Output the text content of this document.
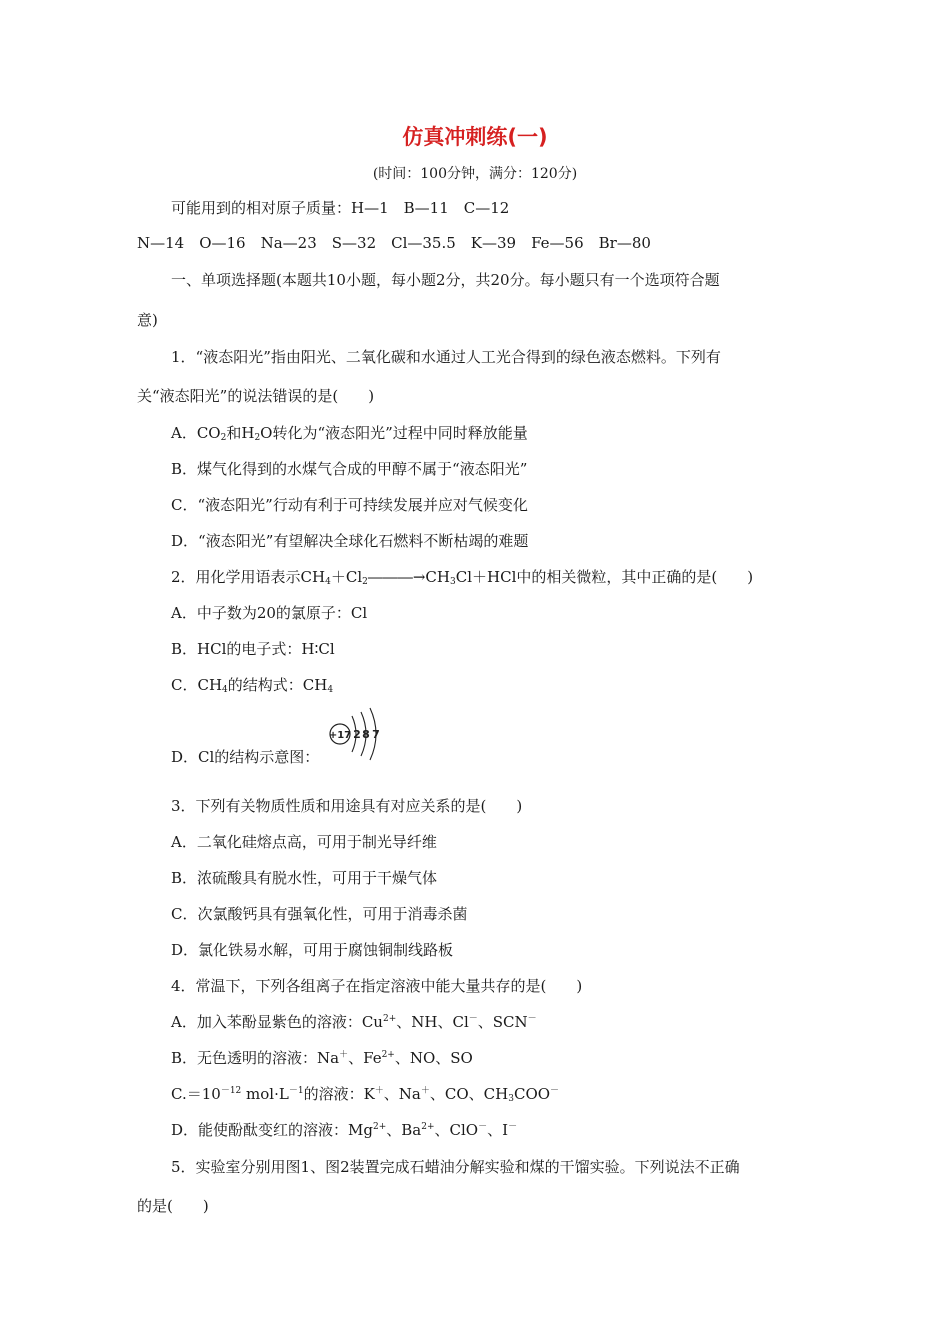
仿真冲刺练(一)
(时间：100分钟，满分：120分)
可能用到的相对原子质量：H—1　B—11　C—12
N—14　O—16　Na—23　S—32　Cl—35.5　K—39　Fe—56　Br—80
一、单项选择题(本题共10小题，每小题2分，共20分。每小题只有一个选项符合题
意)
1．“液态阳光”指由阳光、二氧化碳和水通过人工光合得到的绿色液态燃料。下列有
关“液态阳光”的说法错误的是(　　)
A．$CO_2$和$H_2O$转化为“液态阳光”过程中同时释放能量
B．煤气化得到的水煤气合成的甲醇不属于“液态阳光”
C．“液态阳光”行动有利于可持续发展并应对气候变化
D．“液态阳光”有望解决全球化石燃料不断枯竭的难题
2．用化学用语表示$CH_4+Cl_2―――\to CH_3Cl+HCl$中的相关微粒，其中正确的是(　　)
A．中子数为20的氯原子：Cl
B．HCl的电子式：H∶Cl
C．$CH_4$的结构式：$CH_4$
D．Cl的结构示意图：
+17 2 8 7
3．下列有关物质性质和用途具有对应关系的是(　　)
A．二氧化硅熔点高，可用于制光导纤维
B．浓硫酸具有脱水性，可用于干燥气体
C．次氯酸钙具有强氧化性，可用于消毒杀菌
D．氯化铁易水解，可用于腐蚀铜制线路板
4．常温下，下列各组离子在指定溶液中能大量共存的是(　　)
A．加入苯酚显紫色的溶液：$Cu^{2+}$、NH、Cl－、SCN－
B．无色透明的溶液：Na＋、$Fe^{2+}$、NO、SO
$C.=10^{-12}$ $mol\cdot L^{-1}$的溶液：K＋、Na＋、CO、$CH_3COO^-$
D．能使酚酞变红的溶液：$Mg^{2+}$、$Ba^{2+}$、ClO－、I－
5．实验室分别用图1、图2装置完成石蜡油分解实验和煤的干馏实验。下列说法不正确
的是(　　)
